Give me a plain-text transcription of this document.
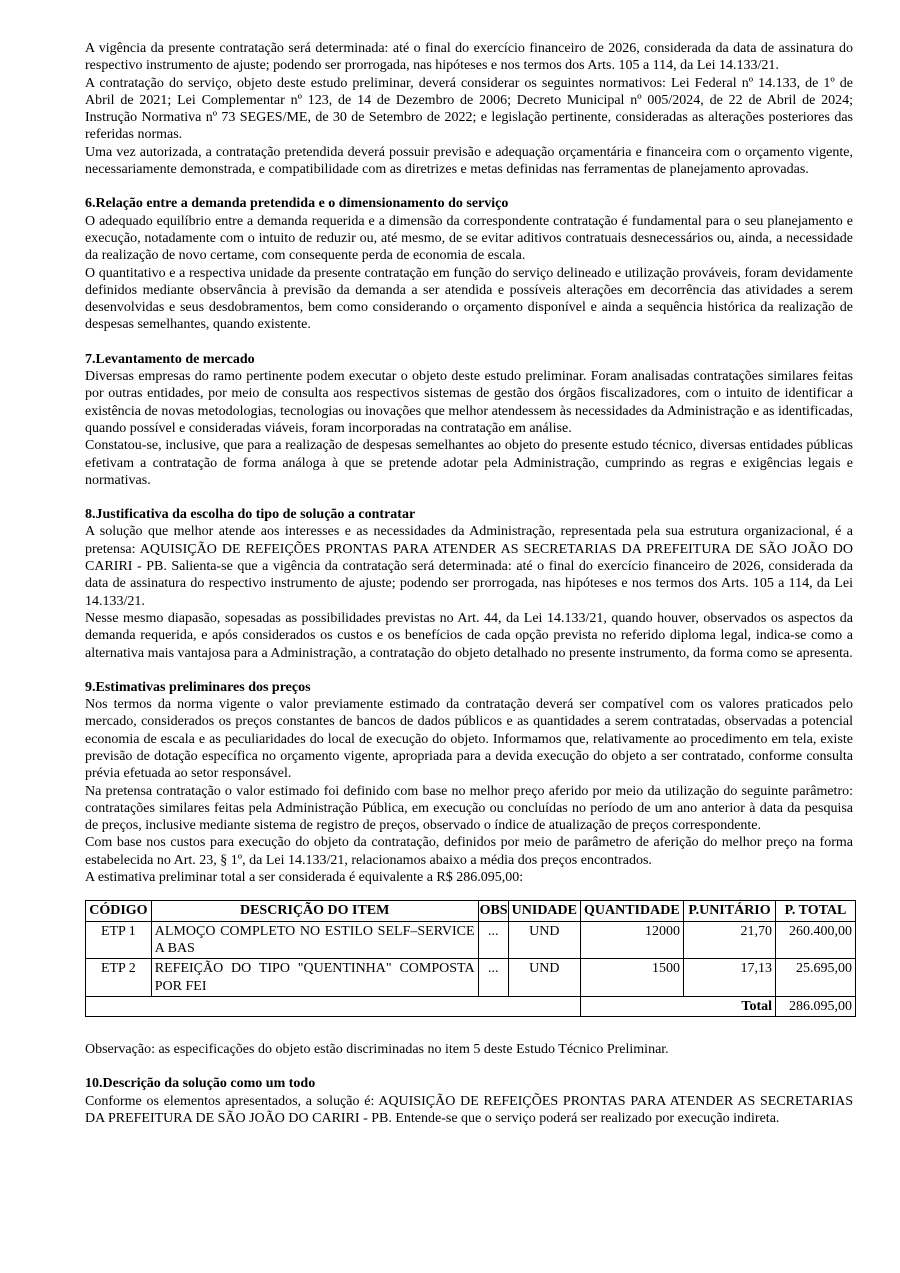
A vigência da presente contratação será determinada: até o final do exercício financeiro de 2026, considerada da data de assinatura do respectivo instrumento de ajuste; podendo ser prorrogada, nas hipóteses e nos termos dos Arts. 105 a 114, da Lei 14.133/21.

A contratação do serviço, objeto deste estudo preliminar, deverá considerar os seguintes normativos: Lei Federal nº 14.133, de 1º de Abril de 2021; Lei Complementar nº 123, de 14 de Dezembro de 2006; Decreto Municipal nº 005/2024, de 22 de Abril de 2024; Instrução Normativa nº 73 SEGES/ME, de 30 de Setembro de 2022; e legislação pertinente, consideradas as alterações posteriores das referidas normas.

Uma vez autorizada, a contratação pretendida deverá possuir previsão e adequação orçamentária e financeira com o orçamento vigente, necessariamente demonstrada, e compatibilidade com as diretrizes e metas definidas nas ferramentas de planejamento aprovadas.

6.Relação entre a demanda pretendida e o dimensionamento do serviço

O adequado equilíbrio entre a demanda requerida e a dimensão da correspondente contratação é fundamental para o seu planejamento e execução, notadamente com o intuito de reduzir ou, até mesmo, de se evitar aditivos contratuais desnecessários ou, ainda, a necessidade da realização de novo certame, com consequente perda de economia de escala.

O quantitativo e a respectiva unidade da presente contratação em função do serviço delineado e utilização prováveis, foram devidamente definidos mediante observância à previsão da demanda a ser atendida e possíveis alterações em decorrência das atividades a serem desenvolvidas e seus desdobramentos, bem como considerando o orçamento disponível e ainda a sequência histórica da realização de despesas semelhantes, quando existente.

7.Levantamento de mercado

Diversas empresas do ramo pertinente podem executar o objeto deste estudo preliminar. Foram analisadas contratações similares feitas por outras entidades, por meio de consulta aos respectivos sistemas de gestão dos órgãos fiscalizadores, com o intuito de identificar a existência de novas metodologias, tecnologias ou inovações que melhor atendessem às necessidades da Administração e as identificadas, quando possível e consideradas viáveis, foram incorporadas na contratação em análise.

Constatou-se, inclusive, que para a realização de despesas semelhantes ao objeto do presente estudo técnico, diversas entidades públicas efetivam a contratação de forma análoga à que se pretende adotar pela Administração, cumprindo as regras e exigências legais e normativas.

8.Justificativa da escolha do tipo de solução a contratar

A solução que melhor atende aos interesses e as necessidades da Administração, representada pela sua estrutura organizacional, é a pretensa: AQUISIÇÃO DE REFEIÇÕES PRONTAS PARA ATENDER AS SECRETARIAS DA PREFEITURA DE SÃO JOÃO DO CARIRI - PB. Salienta-se que a vigência da contratação será determinada: até o final do exercício financeiro de 2026, considerada da data de assinatura do respectivo instrumento de ajuste; podendo ser prorrogada, nas hipóteses e nos termos dos Arts. 105 a 114, da Lei 14.133/21.

Nesse mesmo diapasão, sopesadas as possibilidades previstas no Art. 44, da Lei 14.133/21, quando houver, observados os aspectos da demanda requerida, e após considerados os custos e os benefícios de cada opção prevista no referido diploma legal, indica-se como a alternativa mais vantajosa para a Administração, a contratação do objeto detalhado no presente instrumento, da forma como se apresenta.

9.Estimativas preliminares dos preços

Nos termos da norma vigente o valor previamente estimado da contratação deverá ser compatível com os valores praticados pelo mercado, considerados os preços constantes de bancos de dados públicos e as quantidades a serem contratadas, observadas a potencial economia de escala e as peculiaridades do local de execução do objeto. Informamos que, relativamente ao procedimento em tela, existe previsão de dotação específica no orçamento vigente, apropriada para a devida execução do objeto a ser contratado, conforme consulta prévia efetuada ao setor responsável.

Na pretensa contratação o valor estimado foi definido com base no melhor preço aferido por meio da utilização do seguinte parâmetro: contratações similares feitas pela Administração Pública, em execução ou concluídas no período de um ano anterior à data da pesquisa de preços, inclusive mediante sistema de registro de preços, observado o índice de atualização de preços correspondente.

Com base nos custos para execução do objeto da contratação, definidos por meio de parâmetro de aferição do melhor preço na forma estabelecida no Art. 23, § 1º, da Lei 14.133/21, relacionamos abaixo a média dos preços encontrados.

A estimativa preliminar total a ser considerada é equivalente a R$ 286.095,00:

CÓDIGO	DESCRIÇÃO DO ITEM	OBS	UNIDADE	QUANTIDADE	P.UNITÁRIO	P. TOTAL
ETP 1	ALMOÇO COMPLETO NO ESTILO SELF–SERVICE A BAS	...	UND	12000	21,70	260.400,00
ETP 2	REFEIÇÃO DO TIPO "QUENTINHA" COMPOSTA POR FEI	...	UND	1500	17,13	25.695,00
				Total		286.095,00

Observação: as especificações do objeto estão discriminadas no item 5 deste Estudo Técnico Preliminar.

10.Descrição da solução como um todo

Conforme os elementos apresentados, a solução é: AQUISIÇÃO DE REFEIÇÕES PRONTAS PARA ATENDER AS SECRETARIAS DA PREFEITURA DE SÃO JOÃO DO CARIRI - PB. Entende-se que o serviço poderá ser realizado por execução indireta.
